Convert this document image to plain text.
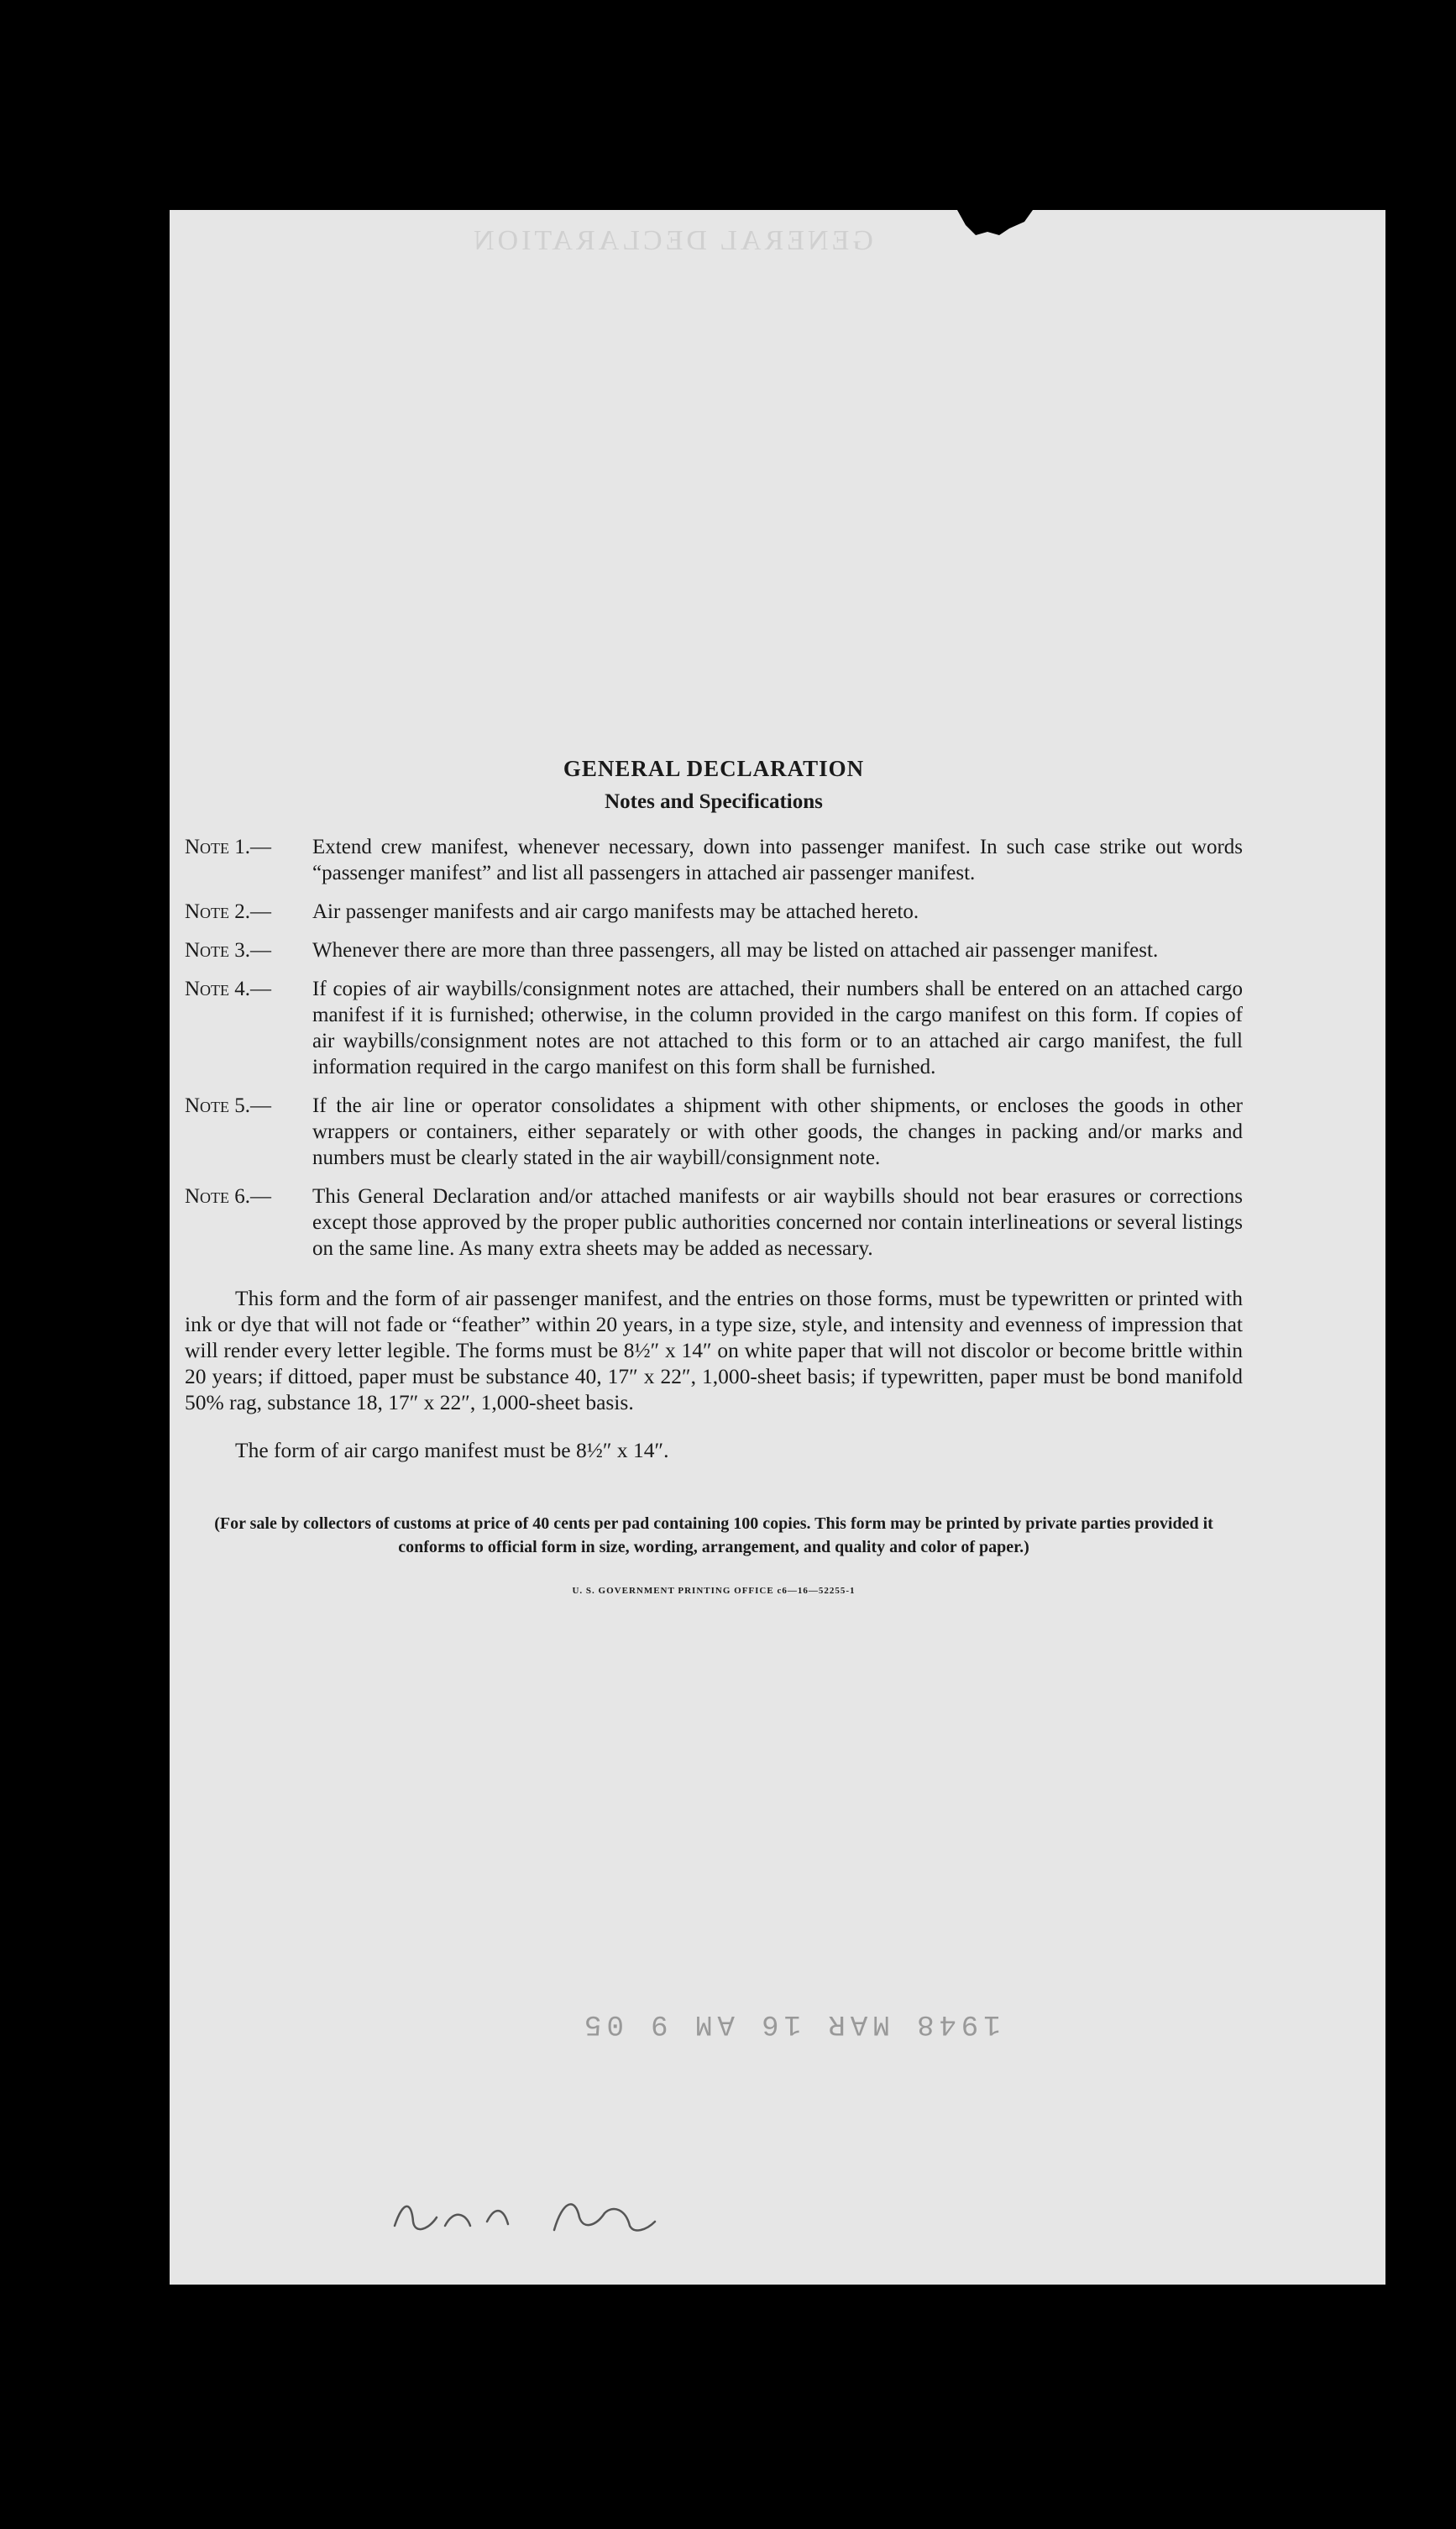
GENERAL DECLARATION
GENERAL DECLARATION
Notes and Specifications
Note 1.—	Extend crew manifest, whenever necessary, down into passenger manifest. In such case strike out words “passenger manifest” and list all passengers in attached air passenger manifest.
Note 2.—	Air passenger manifests and air cargo manifests may be attached hereto.
Note 3.—	Whenever there are more than three passengers, all may be listed on attached air passenger manifest.
Note 4.—	If copies of air waybills/consignment notes are attached, their numbers shall be entered on an attached cargo manifest if it is furnished; otherwise, in the column provided in the cargo manifest on this form. If copies of air waybills/consignment notes are not attached to this form or to an attached air cargo manifest, the full information required in the cargo manifest on this form shall be furnished.
Note 5.—	If the air line or operator consolidates a shipment with other shipments, or encloses the goods in other wrappers or containers, either separately or with other goods, the changes in packing and/or marks and numbers must be clearly stated in the air waybill/consignment note.
Note 6.—	This General Declaration and/or attached manifests or air waybills should not bear erasures or corrections except those approved by the proper public authorities concerned nor contain interlineations or several listings on the same line. As many extra sheets may be added as necessary.

This form and the form of air passenger manifest, and the entries on those forms, must be typewritten or printed with ink or dye that will not fade or “feather” within 20 years, in a type size, style, and intensity and evenness of impression that will render every letter legible. The forms must be 8½″ x 14″ on white paper that will not discolor or become brittle within 20 years; if dittoed, paper must be substance 40, 17″ x 22″, 1,000-sheet basis; if typewritten, paper must be bond manifold 50% rag, substance 18, 17″ x 22″, 1,000-sheet basis.

The form of air cargo manifest must be 8½″ x 14″.

(For sale by collectors of customs at price of 40 cents per pad containing 100 copies. This form may be printed by private parties provided it conforms to official form in size, wording, arrangement, and quality and color of paper.)
U. S. GOVERNMENT PRINTING OFFICE c6—16—52255-1
1948 MAR 16 AM 9 05
